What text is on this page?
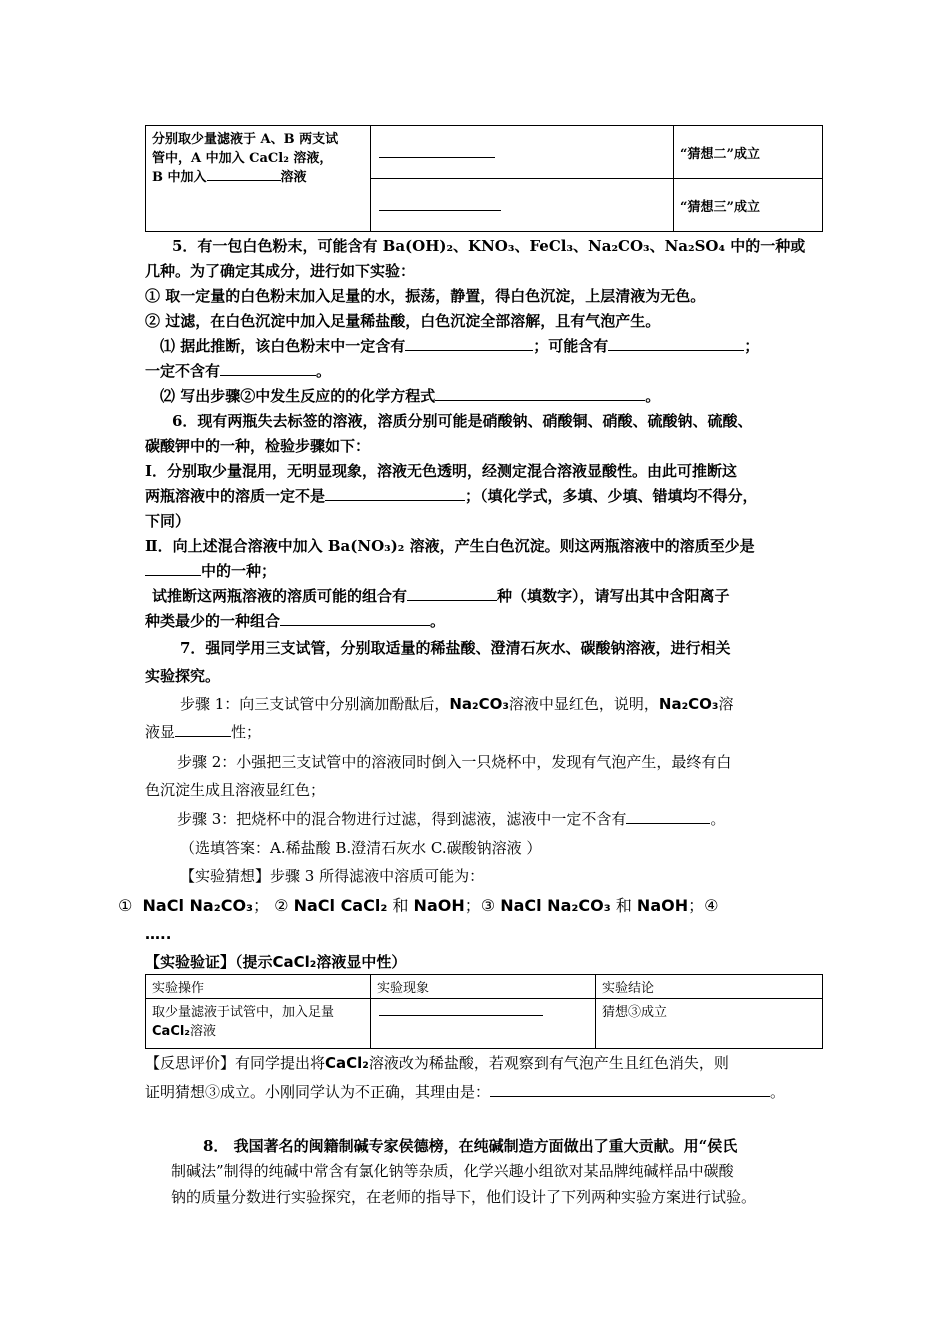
分别取少量滤液于 A、B 两支试
管中，A 中加入 CaCl₂ 溶液，
B 中加入 溶液		“猜想二”成立
		“猜想三”成立
5．有一包白色粉末，可能含有 Ba(OH)₂、KNO₃、FeCl₃、Na₂CO₃、Na₂SO₄ 中的一种或
几种。为了确定其成分，进行如下实验：
① 取一定量的白色粉末加入足量的水，振荡，静置，得白色沉淀，上层清液为无色。
② 过滤，在白色沉淀中加入足量稀盐酸，白色沉淀全部溶解，且有气泡产生。
⑴ 据此推断，该白色粉末中一定含有	；可能含有	；
一定不含有	。
⑵ 写出步骤②中发生反应的的化学方程式	。
6．现有两瓶失去标签的溶液，溶质分别可能是硝酸钠、硝酸铜、硝酸、硫酸钠、硫酸、
碳酸钾中的一种，检验步骤如下：
Ⅰ．分别取少量混用，无明显现象，溶液无色透明，经测定混合溶液显酸性。由此可推断这
两瓶溶液中的溶质一定不是	；（填化学式，多填、少填、错填均不得分，
下同）
Ⅱ．向上述混合溶液中加入 Ba(NO₃)₂ 溶液，产生白色沉淀。则这两瓶溶液中的溶质至少是
中的一种；
试推断这两瓶溶液的溶质可能的组合有	种（填数字），请写出其中含阳离子
种类最少的一种组合	。
7．强同学用三支试管，分别取适量的稀盐酸、澄清石灰水、碳酸钠溶液，进行相关
实验探究。
步骤 1：向三支试管中分别滴加酚酞后，Na₂CO₃溶液中显红色，说明，Na₂CO₃溶
液显	性；
步骤 2：小强把三支试管中的溶液同时倒入一只烧杯中，发现有气泡产生，最终有白
色沉淀生成且溶液显红色；
步骤 3：把烧杯中的混合物进行过滤，得到滤液，滤液中一定不含有	。
（选填答案：A.稀盐酸 B.澄清石灰水 C.碳酸钠溶液 ）
【实验猜想】步骤 3 所得滤液中溶质可能为：
① NaCl Na₂CO₃； ② NaCl CaCl₂ 和 NaOH；③ NaCl Na₂CO₃ 和 NaOH；④
…..
【实验验证】（提示CaCl₂溶液显中性）
实验操作	实验现象	实验结论

取少量滤液于试管中，加入足量
CaCl₂溶液		猜想③成立
【反思评价】有同学提出将CaCl₂溶液改为稀盐酸，若观察到有气泡产生且红色消失，则
证明猜想③成立。小刚同学认为不正确，其理由是：	。
8． 我国著名的闽籍制碱专家侯德榜，在纯碱制造方面做出了重大贡献。用“侯氏
制碱法”制得的纯碱中常含有氯化钠等杂质，化学兴趣小组欲对某品牌纯碱样品中碳酸
钠的质量分数进行实验探究，在老师的指导下，他们设计了下列两种实验方案进行试验。
